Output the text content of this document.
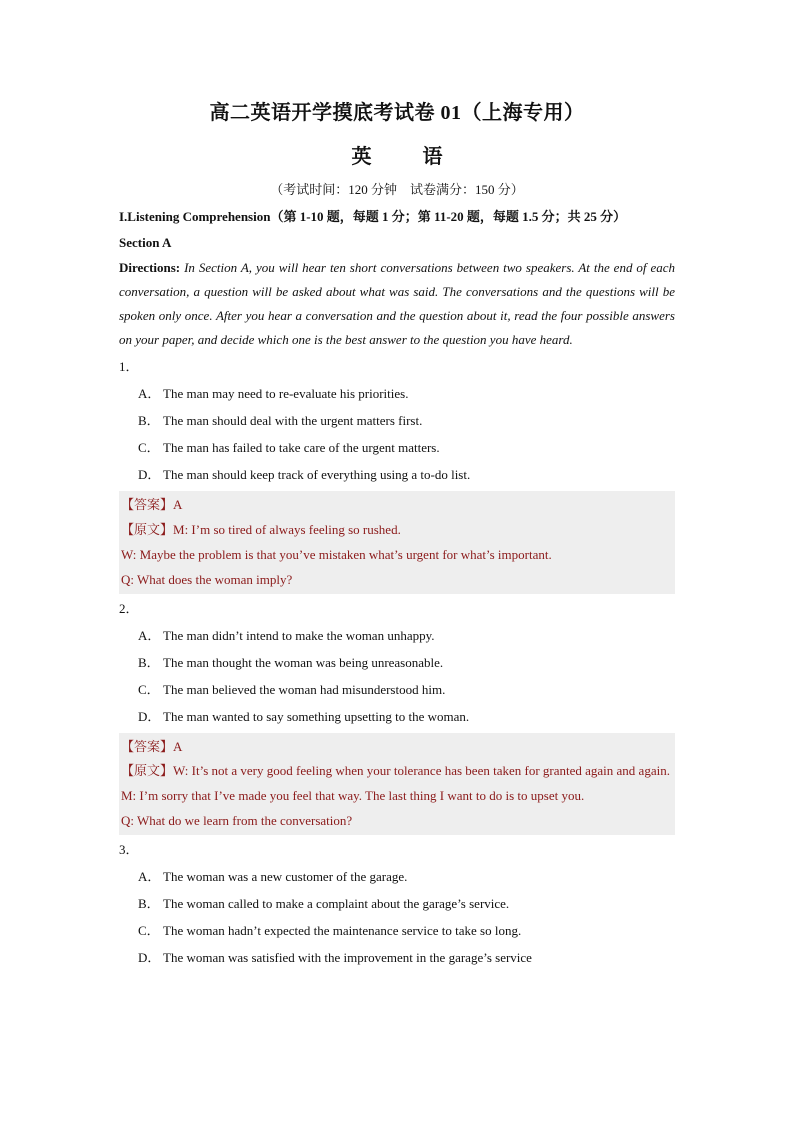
高二英语开学摸底考试卷 01（上海专用）
英 语
（考试时间：120 分钟　试卷满分：150 分）
I.Listening Comprehension（第 1-10 题，每题 1 分；第 11-20 题，每题 1.5 分；共 25 分）
Section A
Directions: In Section A, you will hear ten short conversations between two speakers. At the end of each conversation, a question will be asked about what was said. The conversations and the questions will be spoken only once. After you hear a conversation and the question about it, read the four possible answers on your paper, and decide which one is the best answer to the question you have heard.
1．
A． The man may need to re-evaluate his priorities.
B． The man should deal with the urgent matters first.
C． The man has failed to take care of the urgent matters.
D． The man should keep track of everything using a to-do list.
【答案】A
【原文】M: I’m so tired of always feeling so rushed.
W: Maybe the problem is that you’ve mistaken what’s urgent for what’s important.
Q: What does the woman imply?
2．
A． The man didn’t intend to make the woman unhappy.
B． The man thought the woman was being unreasonable.
C． The man believed the woman had misunderstood him.
D． The man wanted to say something upsetting to the woman.
【答案】A
【原文】W: It’s not a very good feeling when your tolerance has been taken for granted again and again.
M: I’m sorry that I’ve made you feel that way. The last thing I want to do is to upset you.
Q: What do we learn from the conversation?
3．
A． The woman was a new customer of the garage.
B． The woman called to make a complaint about the garage’s service.
C． The woman hadn’t expected the maintenance service to take so long.
D． The woman was satisfied with the improvement in the garage’s service
